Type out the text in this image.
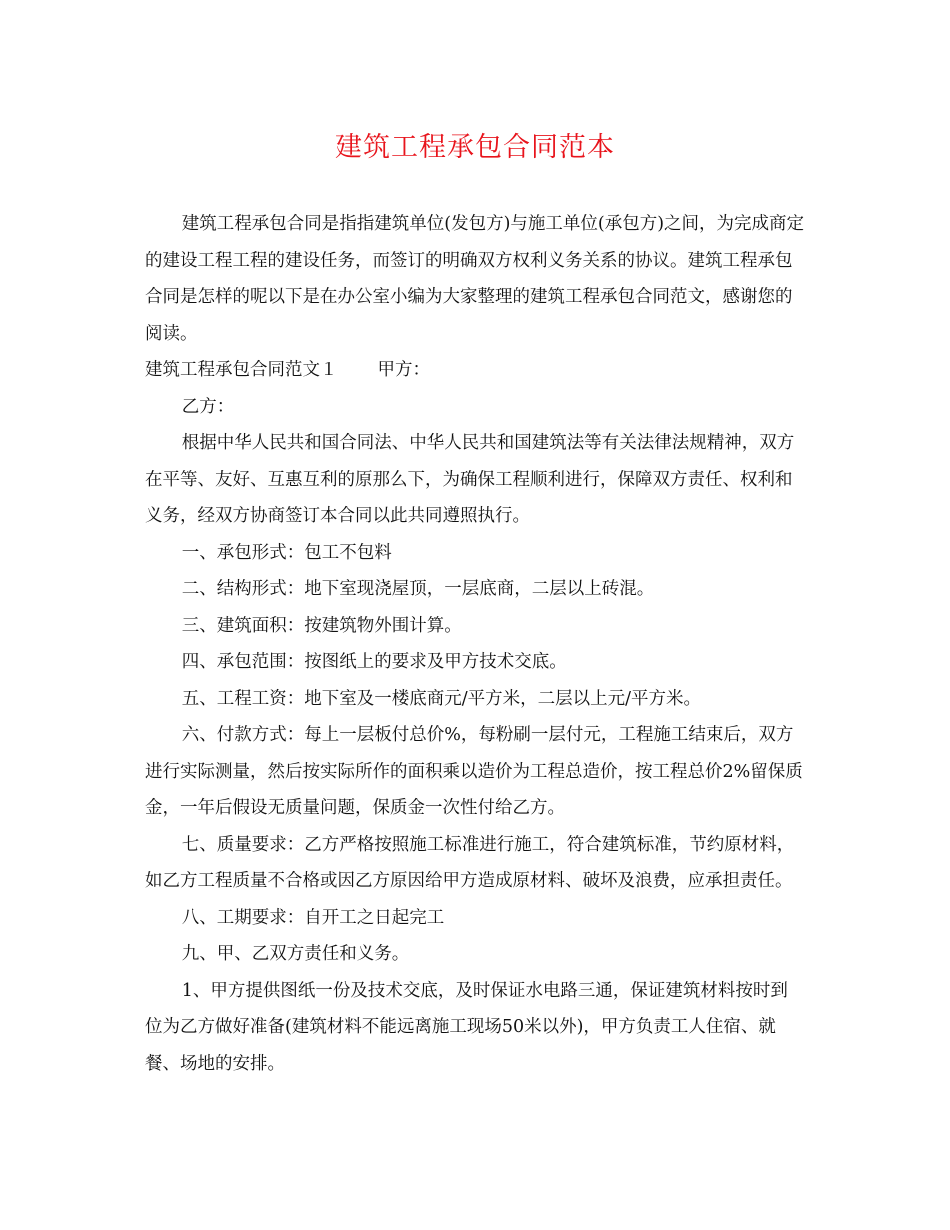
建筑工程承包合同范本

建筑工程承包合同是指指建筑单位(发包方)与施工单位(承包方)之间，为完成商定的建设工程工程的建设任务，而签订的明确双方权利义务关系的协议。建筑工程承包合同是怎样的呢以下是在办公室小编为大家整理的建筑工程承包合同范文，感谢您的阅读。

建筑工程承包合同范文１ 甲方：

乙方：

根据中华人民共和国合同法、中华人民共和国建筑法等有关法律法规精神，双方在平等、友好、互惠互利的原那么下，为确保工程顺利进行，保障双方责任、权利和义务，经双方协商签订本合同以此共同遵照执行。

一、承包形式：包工不包料

二、结构形式：地下室现浇屋顶，一层底商，二层以上砖混。

三、建筑面积：按建筑物外围计算。

四、承包范围：按图纸上的要求及甲方技术交底。

五、工程工资：地下室及一楼底商元/平方米，二层以上元/平方米。

六、付款方式：每上一层板付总价%，每粉刷一层付元，工程施工结束后，双方进行实际测量，然后按实际所作的面积乘以造价为工程总造价，按工程总价2%留保质金，一年后假设无质量问题，保质金一次性付给乙方。

七、质量要求：乙方严格按照施工标准进行施工，符合建筑标准，节约原材料，如乙方工程质量不合格或因乙方原因给甲方造成原材料、破坏及浪费，应承担责任。

八、工期要求：自开工之日起完工

九、甲、乙双方责任和义务。

1、甲方提供图纸一份及技术交底，及时保证水电路三通，保证建筑材料按时到位为乙方做好准备(建筑材料不能远离施工现场50米以外)，甲方负责工人住宿、就餐、场地的安排。
